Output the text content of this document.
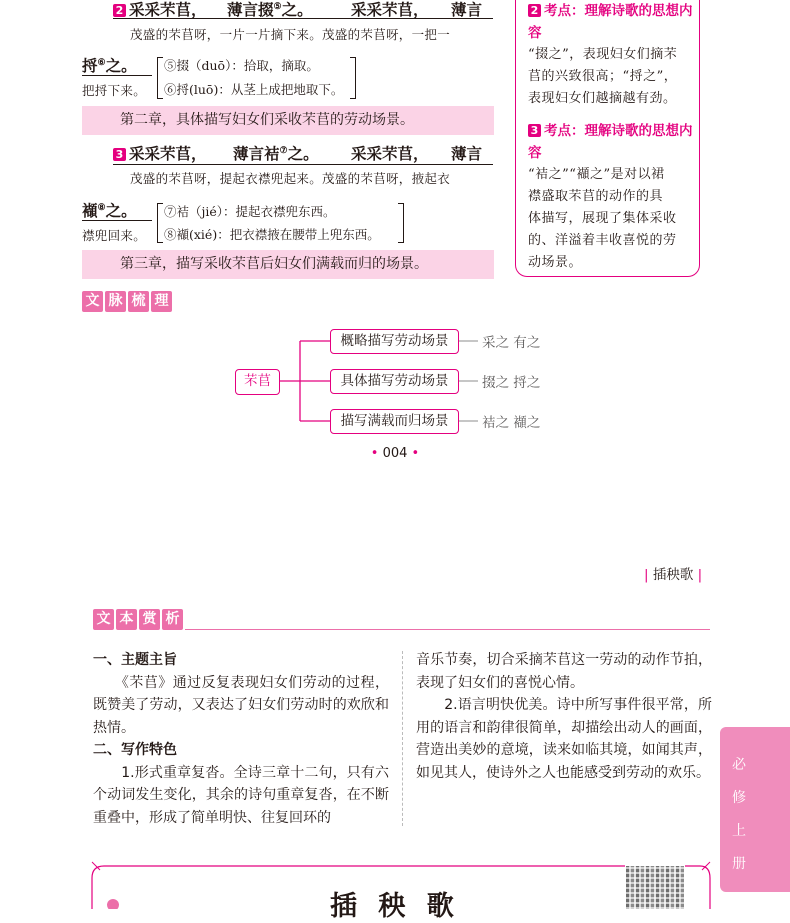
2 采采芣苢， 薄言掇⑤之。 采采芣苢， 薄言
茂盛的芣苢呀，一片一片摘下来。茂盛的芣苢呀，一把一
捋⑥之。
把捋下来。
⑤掇（duō）：拾取，摘取。
⑥捋(luō)：从茎上成把地取下。
第二章，具体描写妇女们采收芣苢的劳动场景。
3 采采芣苢， 薄言袺⑦之。 采采芣苢， 薄言
茂盛的芣苢呀，提起衣襟兜起来。茂盛的芣苢呀，掖起衣
襭⑧之。
襟兜回来。
⑦袺（jié）：提起衣襟兜东西。
⑧襭(xié)：把衣襟掖在腰带上兜东西。
第三章，描写采收芣苢后妇女们满载而归的场景。
2 考点：理解诗歌的思想内容
“掇之”，表现妇女们摘芣
苢的兴致很高；“捋之”，
表现妇女们越摘越有劲。
3 考点：理解诗歌的思想内容
“袺之”“襭之”是对以裙
襟盛取芣苢的动作的具
体描写，展现了集体采收
的、洋溢着丰收喜悦的劳
动场景。
文 脉 梳 理
芣苢
概略描写劳动场景
具体描写劳动场景
描写满载而归场景
采之 有之
掇之 捋之
袺之 襭之
• 004 •
| 插秧歌 |
文 本 赏 析
一、主题主旨
　　《芣苢》通过反复表现妇女们劳动的过程，既赞美了劳动，又表达了妇女们劳动时的欢欣和热情。
二、写作特色
　　1.形式重章复沓。全诗三章十二句，只有六个动词发生变化，其余的诗句重章复沓，在不断重叠中，形成了简单明快、往复回环的
音乐节奏，切合采摘芣苢这一劳动的动作节拍，表现了妇女们的喜悦心情。
　　2.语言明快优美。诗中所写事件很平常，所用的语言和韵律很简单，却描绘出动人的画面，营造出美妙的意境，读来如临其境，如闻其声，如见其人，使诗外之人也能感受到劳动的欢乐。	必
修
上
册
插 秧 歌
